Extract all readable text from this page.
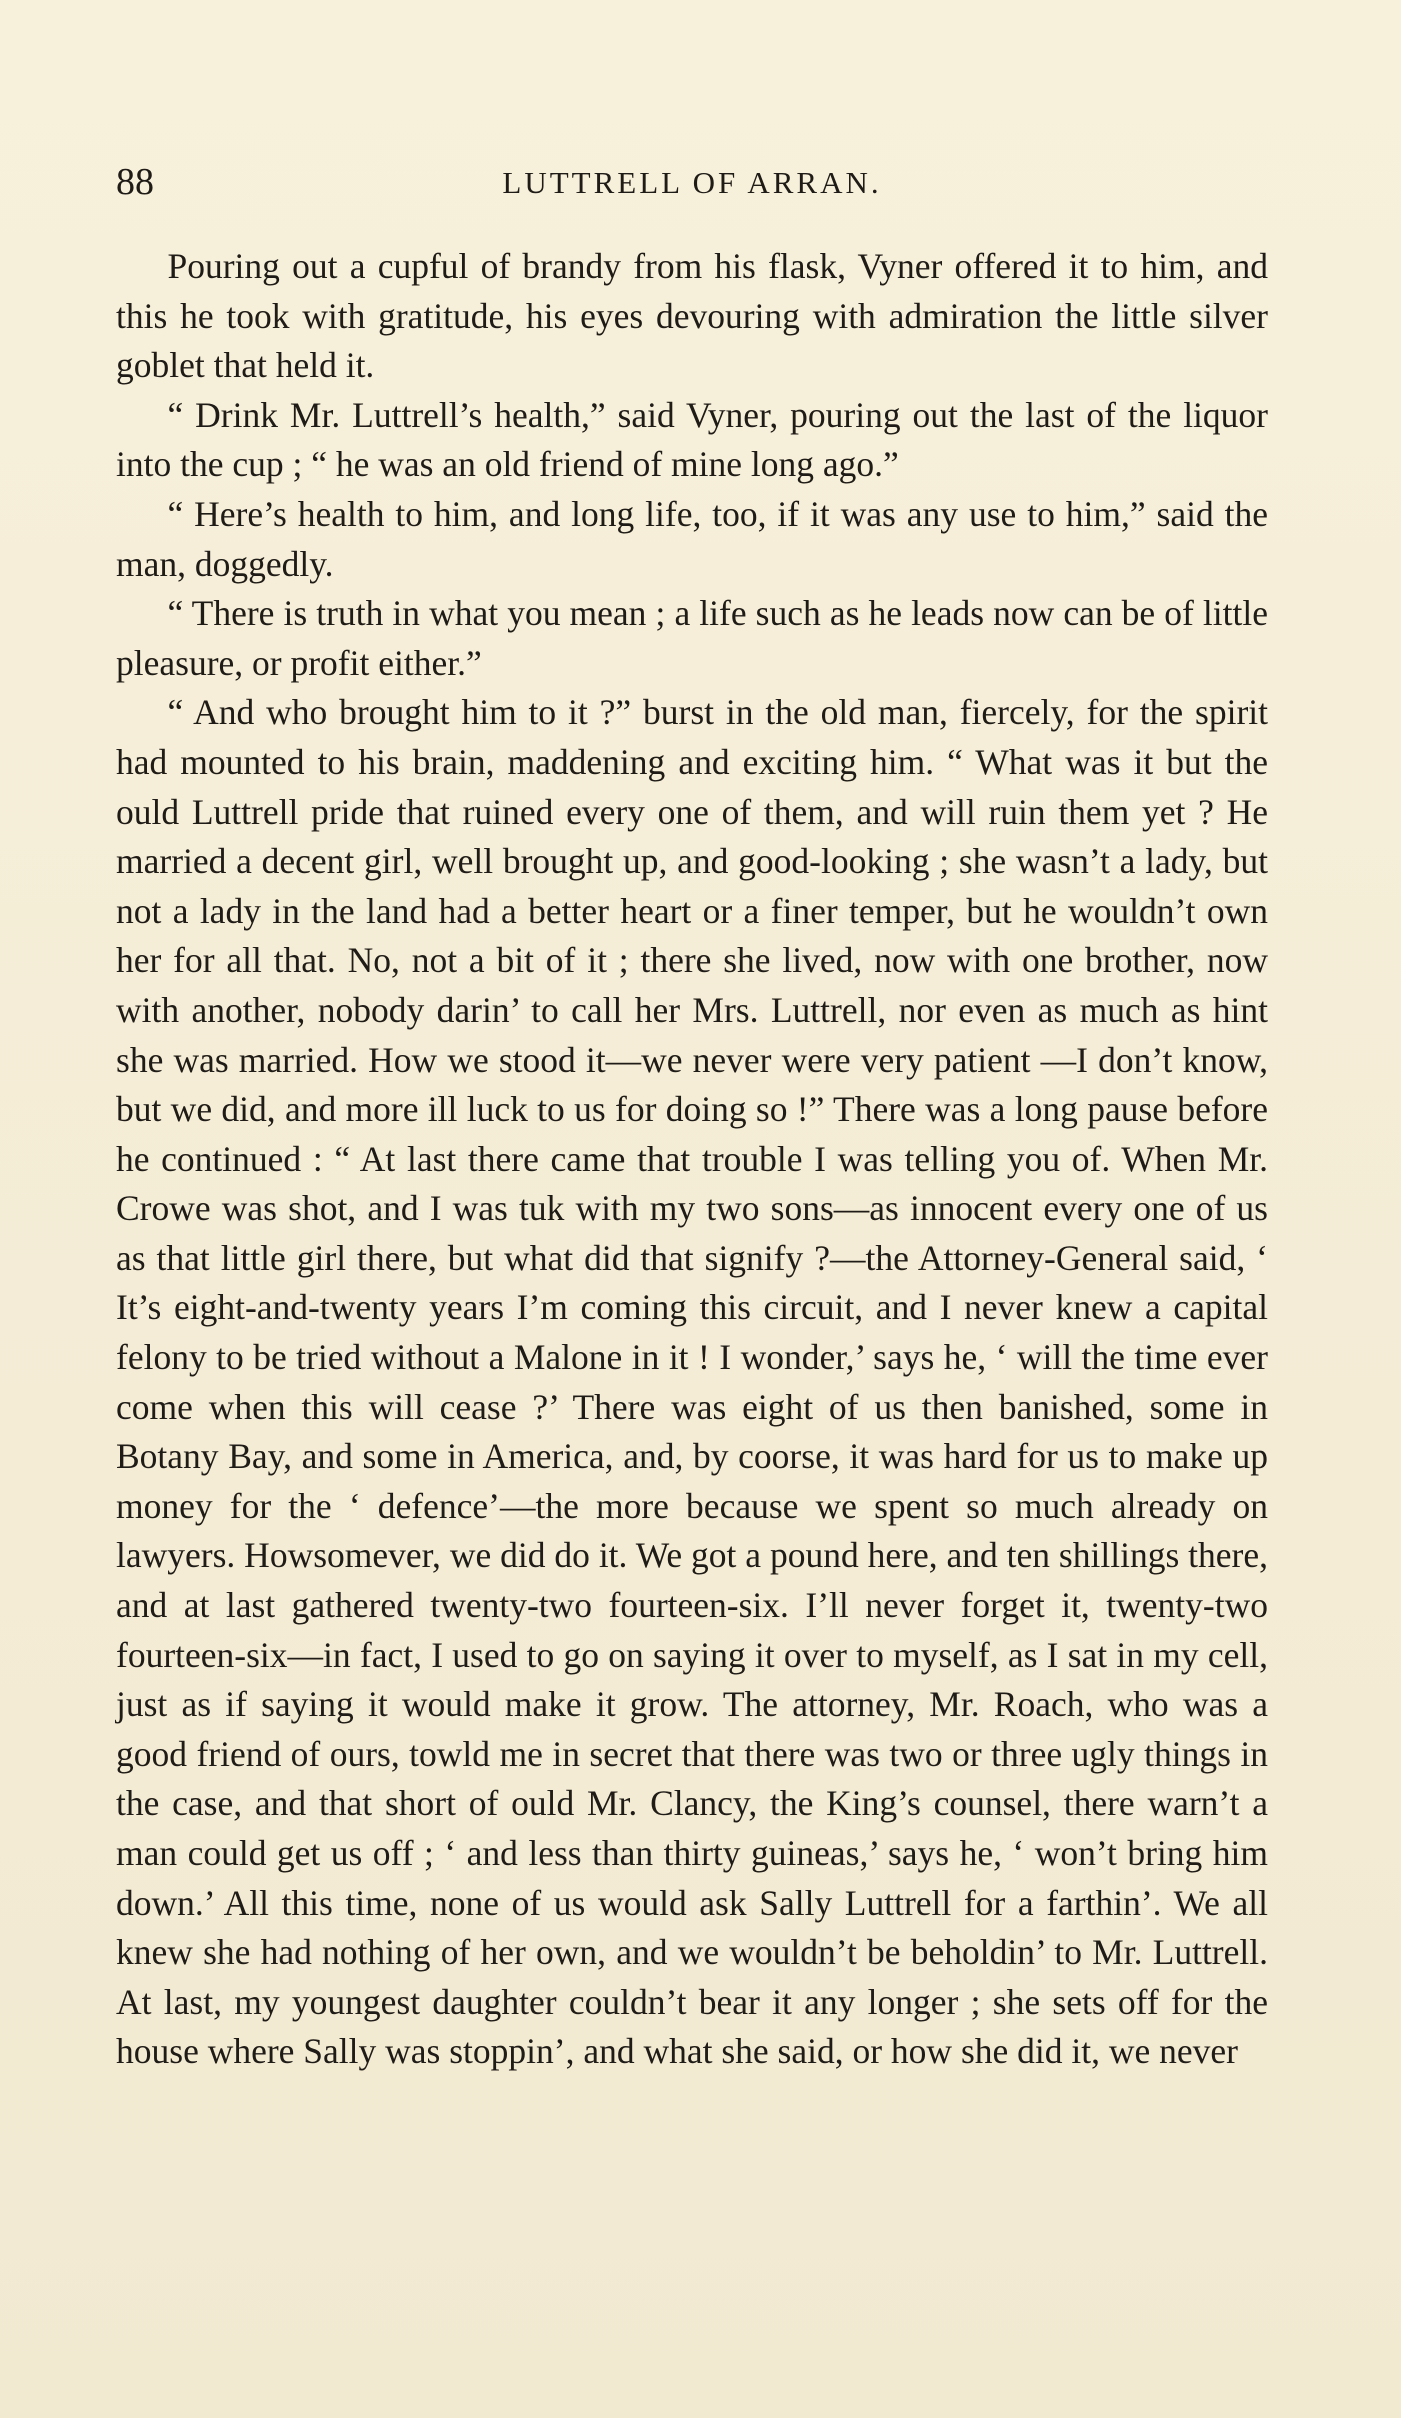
88	LUTTRELL OF ARRAN.

Pouring out a cupful of brandy from his flask, Vyner offered it to him, and this he took with gratitude, his eyes devouring with admiration the little silver goblet that held it.

“ Drink Mr. Luttrell’s health,” said Vyner, pouring out the last of the liquor into the cup ; “ he was an old friend of mine long ago.”

“ Here’s health to him, and long life, too, if it was any use to him,” said the man, doggedly.

“ There is truth in what you mean ; a life such as he leads now can be of little pleasure, or profit either.”

“ And who brought him to it ?” burst in the old man, fiercely, for the spirit had mounted to his brain, maddening and exciting him. “ What was it but the ould Luttrell pride that ruined every one of them, and will ruin them yet ? He married a decent girl, well brought up, and good-looking ; she wasn’t a lady, but not a lady in the land had a better heart or a finer temper, but he wouldn’t own her for all that. No, not a bit of it ; there she lived, now with one brother, now with another, nobody darin’ to call her Mrs. Luttrell, nor even as much as hint she was married. How we stood it—we never were very patient —I don’t know, but we did, and more ill luck to us for doing so !” There was a long pause before he continued : “ At last there came that trouble I was telling you of. When Mr. Crowe was shot, and I was tuk with my two sons—as innocent every one of us as that little girl there, but what did that signify ?—the Attorney-General said, ‘ It’s eight-and-twenty years I’m coming this circuit, and I never knew a capital felony to be tried without a Malone in it ! I wonder,’ says he, ‘ will the time ever come when this will cease ?’ There was eight of us then banished, some in Botany Bay, and some in America, and, by coorse, it was hard for us to make up money for the ‘ defence’—the more because we spent so much already on lawyers. Howsomever, we did do it. We got a pound here, and ten shillings there, and at last gathered twenty-two fourteen-six. I’ll never forget it, twenty-two fourteen-six—in fact, I used to go on saying it over to myself, as I sat in my cell, just as if saying it would make it grow. The attorney, Mr. Roach, who was a good friend of ours, towld me in secret that there was two or three ugly things in the case, and that short of ould Mr. Clancy, the King’s counsel, there warn’t a man could get us off ; ‘ and less than thirty guineas,’ says he, ‘ won’t bring him down.’ All this time, none of us would ask Sally Luttrell for a farthin’. We all knew she had nothing of her own, and we wouldn’t be beholdin’ to Mr. Luttrell. At last, my youngest daughter couldn’t bear it any longer ; she sets off for the house where Sally was stoppin’, and what she said, or how she did it, we never
